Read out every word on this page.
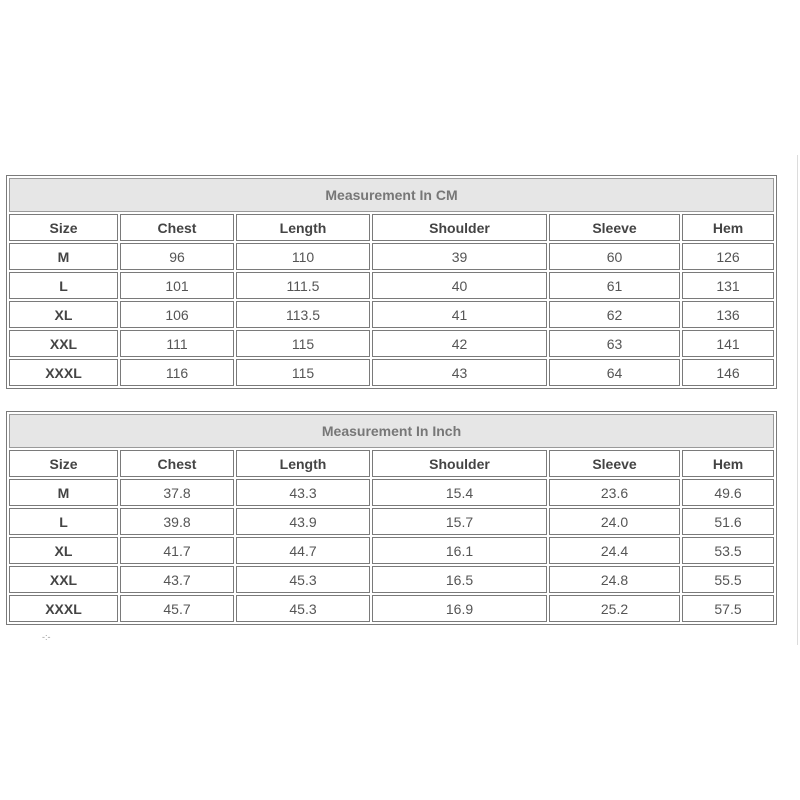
Measurement In CM					
Size	Chest	Length	Shoulder	Sleeve	Hem
M	96	110	39	60	126
L	101	111.5	40	61	131
XL	106	113.5	41	62	136
XXL	111	115	42	63	141
XXXL	116	115	43	64	146
Measurement In Inch					
Size	Chest	Length	Shoulder	Sleeve	Hem
M	37.8	43.3	15.4	23.6	49.6
L	39.8	43.9	15.7	24.0	51.6
XL	41.7	44.7	16.1	24.4	53.5
XXL	43.7	45.3	16.5	24.8	55.5
XXXL	45.7	45.3	16.9	25.2	57.5
-:-
